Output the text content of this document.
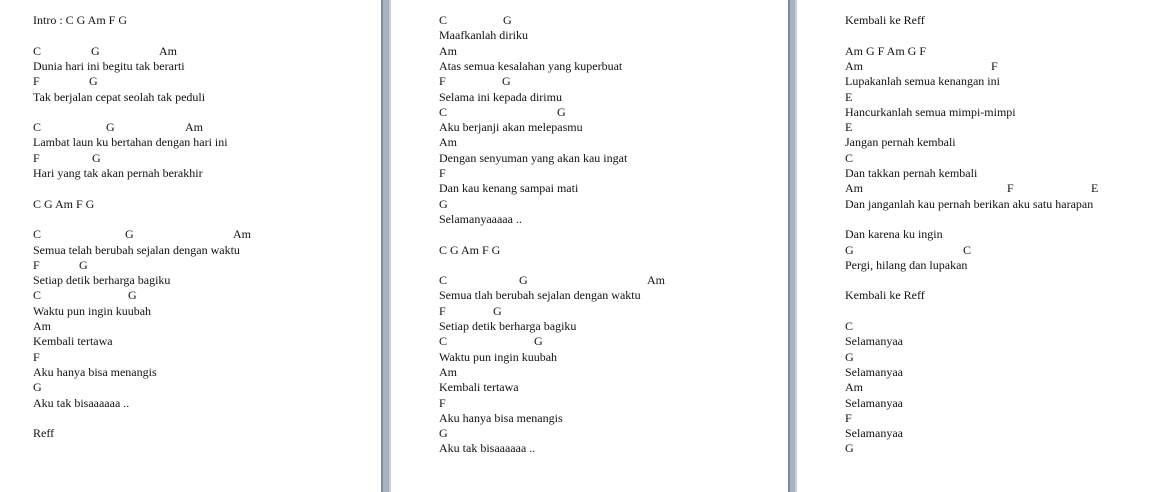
Intro : C G Am F G
C	G	Am
Dunia hari ini begitu tak berarti
F	G
Tak berjalan cepat seolah tak peduli
C	G	Am
Lambat laun ku bertahan dengan hari ini
F	G
Hari yang tak akan pernah berakhir
C G Am F G
C	G	Am
Semua telah berubah sejalan dengan waktu
F	G
Setiap detik berharga bagiku
C	G
Waktu pun ingin kuubah
Am
Kembali tertawa
F
Aku hanya bisa menangis
G
Aku tak bisaaaaaa ..
Reff
C	G
Maafkanlah diriku
Am
Atas semua kesalahan yang kuperbuat
F	G
Selama ini kepada dirimu
C	G
Aku berjanji akan melepasmu
Am
Dengan senyuman yang akan kau ingat
F
Dan kau kenang sampai mati
G
Selamanyaaaaa ..
C G Am F G
C	G	Am
Semua tlah berubah sejalan dengan waktu
F	G
Setiap detik berharga bagiku
C	G
Waktu pun ingin kuubah
Am
Kembali tertawa
F
Aku hanya bisa menangis
G
Aku tak bisaaaaaa ..
Kembali ke Reff
Am G F Am G F
Am	F
Lupakanlah semua kenangan ini
E
Hancurkanlah semua mimpi-mimpi
E
Jangan pernah kembali
C
Dan takkan pernah kembali
Am	F	E
Dan janganlah kau pernah berikan aku satu harapan
Dan karena ku ingin
G	C
Pergi, hilang dan lupakan
Kembali ke Reff
C
Selamanyaa
G
Selamanyaa
Am
Selamanyaa
F
Selamanyaa
G
